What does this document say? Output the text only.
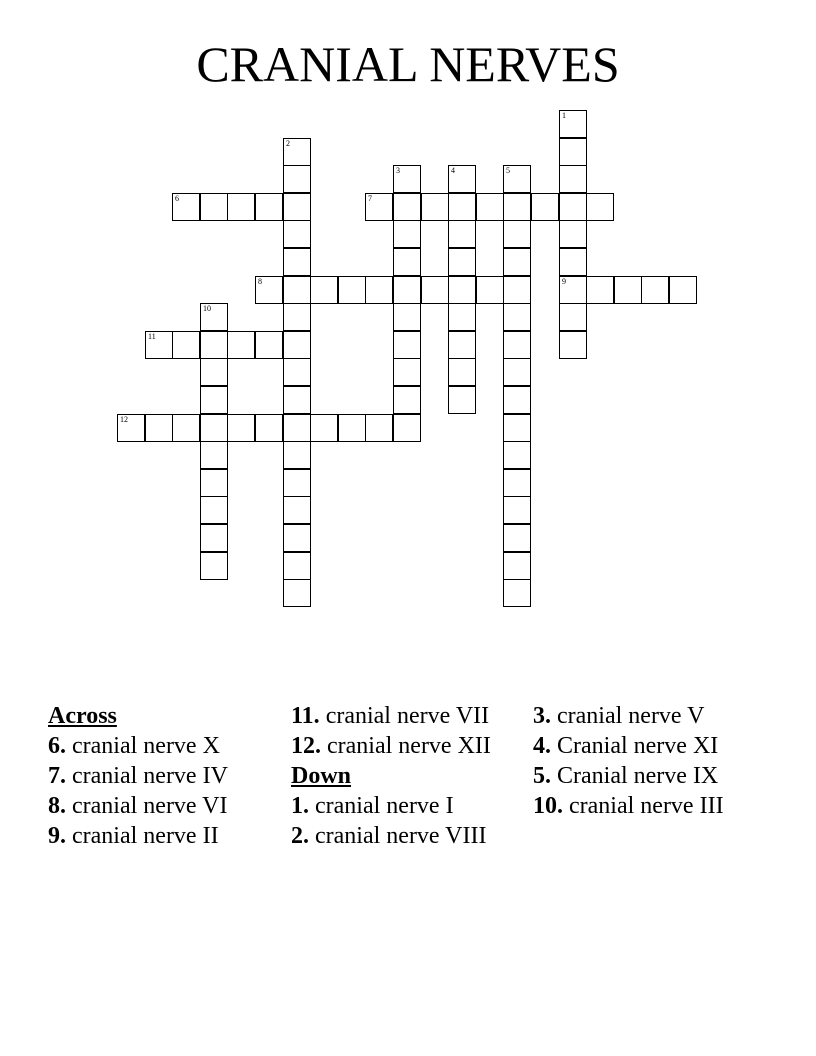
CRANIAL NERVES
1
9
2
3	4	5
6	7
8
10
11
12
Across
6. cranial nerve X
7. cranial nerve IV
8. cranial nerve VI
9. cranial nerve II
11. cranial nerve VII
12. cranial nerve XII
Down
1. cranial nerve I
2. cranial nerve VIII
3. cranial nerve V
4. Cranial nerve XI
5. Cranial nerve IX
10. cranial nerve III
